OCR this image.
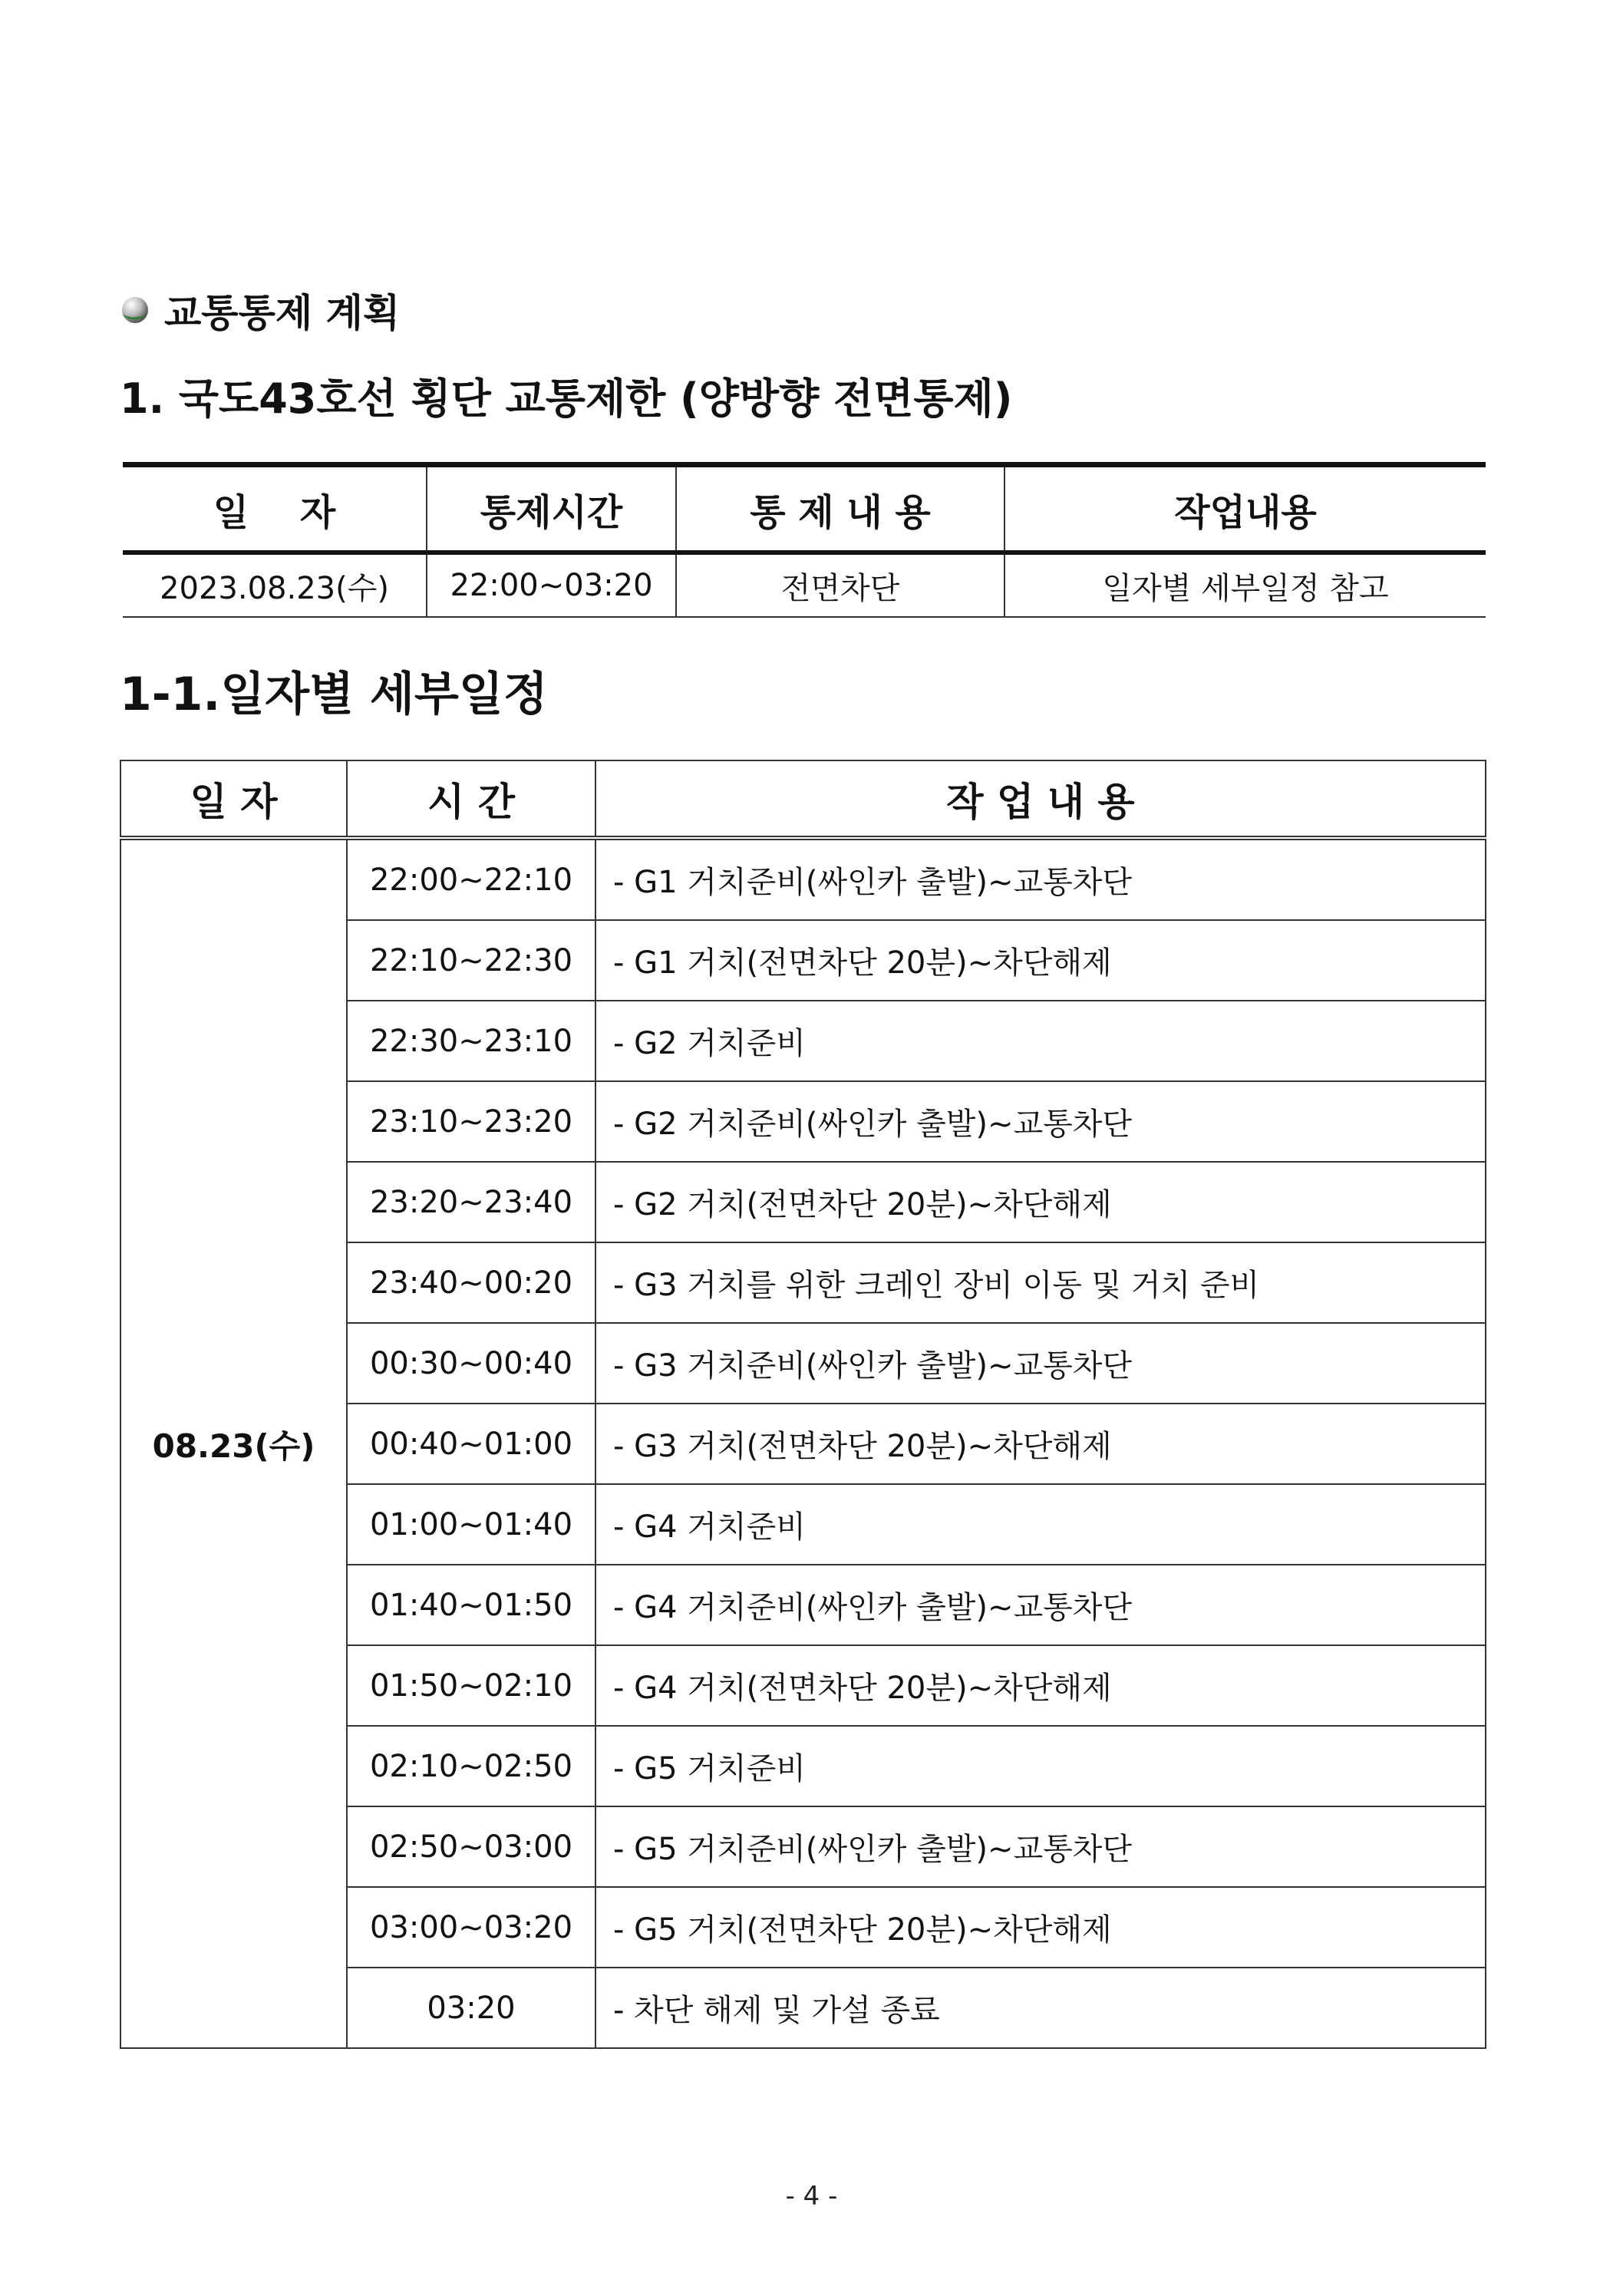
교통통제 계획
1. 국도43호선 횡단 교통제한 (양방향 전면통제)
일    자	통제시간	통 제 내 용	작업내용
2023.08.23(수)	22:00~03:20	전면차단	일자별 세부일정 참고
1-1.일자별 세부일정
일 자	시 간	작 업 내 용
08.23(수)	22:00~22:10	- G1 거치준비(싸인카 출발)~교통차단
	22:10~22:30	- G1 거치(전면차단 20분)~차단해제
	22:30~23:10	- G2 거치준비
	23:10~23:20	- G2 거치준비(싸인카 출발)~교통차단
	23:20~23:40	- G2 거치(전면차단 20분)~차단해제
	23:40~00:20	- G3 거치를 위한 크레인 장비 이동 및 거치 준비
	00:30~00:40	- G3 거치준비(싸인카 출발)~교통차단
	00:40~01:00	- G3 거치(전면차단 20분)~차단해제
	01:00~01:40	- G4 거치준비
	01:40~01:50	- G4 거치준비(싸인카 출발)~교통차단
	01:50~02:10	- G4 거치(전면차단 20분)~차단해제
	02:10~02:50	- G5 거치준비
	02:50~03:00	- G5 거치준비(싸인카 출발)~교통차단
	03:00~03:20	- G5 거치(전면차단 20분)~차단해제
	03:20	- 차단 해제 및 가설 종료
- 4 -
